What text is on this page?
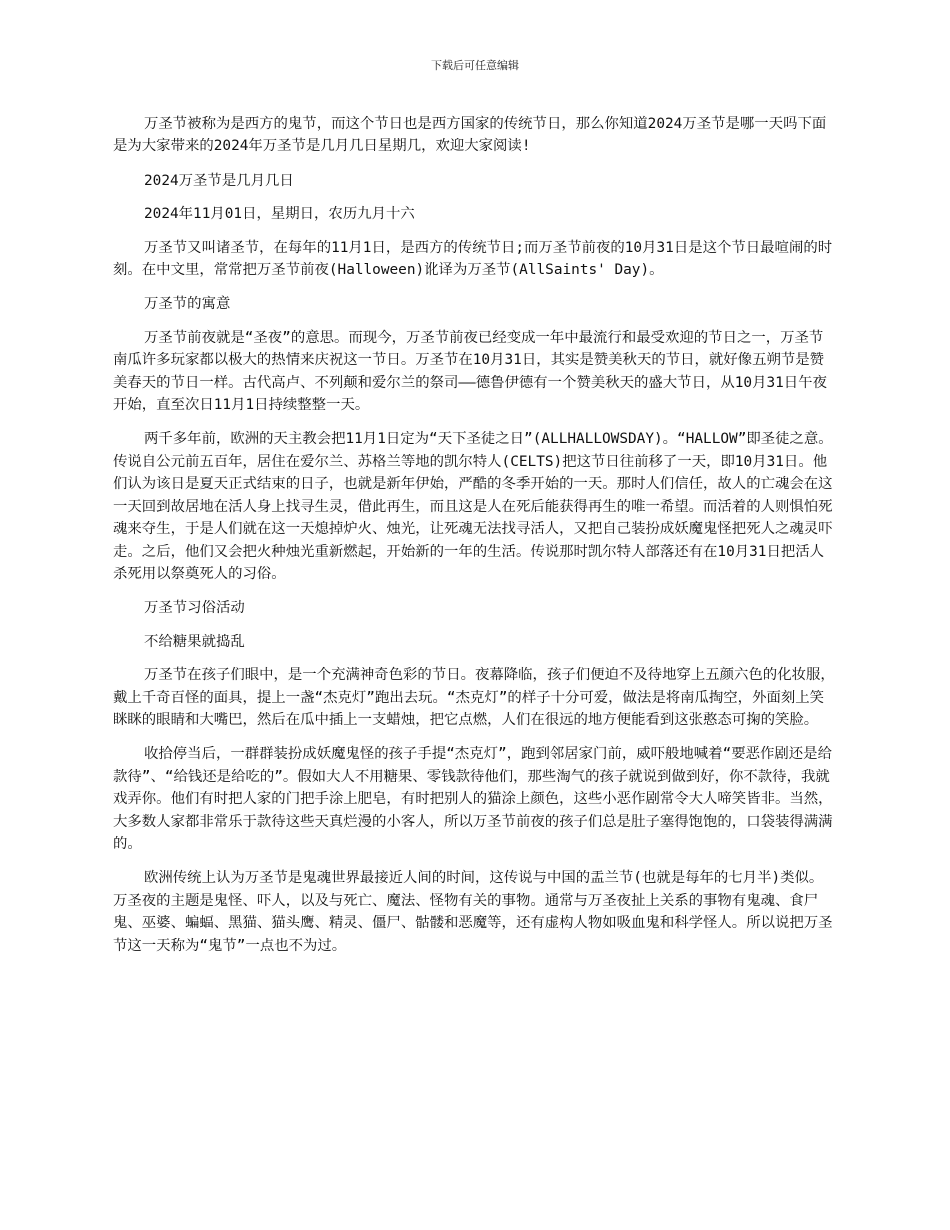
下载后可任意编辑

万圣节被称为是西方的鬼节，而这个节日也是西方国家的传统节日，那么你知道2024万圣节是哪一天吗下面是为大家带来的2024年万圣节是几月几日星期几，欢迎大家阅读!

2024万圣节是几月几日

2024年11月01日，星期日，农历九月十六

万圣节又叫诸圣节，在每年的11月1日，是西方的传统节日;而万圣节前夜的10月31日是这个节日最喧闹的时刻。在中文里，常常把万圣节前夜(Halloween)讹译为万圣节(AllSaints' Day)。

万圣节的寓意

万圣节前夜就是“圣夜”的意思。而现今，万圣节前夜已经变成一年中最流行和最受欢迎的节日之一，万圣节南瓜许多玩家都以极大的热情来庆祝这一节日。万圣节在10月31日，其实是赞美秋天的节日，就好像五朔节是赞美春天的节日一样。古代高卢、不列颠和爱尔兰的祭司——德鲁伊德有一个赞美秋天的盛大节日，从10月31日午夜开始，直至次日11月1日持续整整一天。

两千多年前，欧洲的天主教会把11月1日定为“天下圣徒之日”(ALLHALLOWSDAY)。“HALLOW”即圣徒之意。传说自公元前五百年，居住在爱尔兰、苏格兰等地的凯尔特人(CELTS)把这节日往前移了一天，即10月31日。他们认为该日是夏天正式结束的日子，也就是新年伊始，严酷的冬季开始的一天。那时人们信任，故人的亡魂会在这一天回到故居地在活人身上找寻生灵，借此再生，而且这是人在死后能获得再生的唯一希望。而活着的人则惧怕死魂来夺生，于是人们就在这一天熄掉炉火、烛光，让死魂无法找寻活人，又把自己装扮成妖魔鬼怪把死人之魂灵吓走。之后，他们又会把火种烛光重新燃起，开始新的一年的生活。传说那时凯尔特人部落还有在10月31日把活人杀死用以祭奠死人的习俗。

万圣节习俗活动

不给糖果就捣乱

万圣节在孩子们眼中，是一个充满神奇色彩的节日。夜幕降临，孩子们便迫不及待地穿上五颜六色的化妆服，戴上千奇百怪的面具，提上一盏“杰克灯”跑出去玩。“杰克灯”的样子十分可爱，做法是将南瓜掏空，外面刻上笑眯眯的眼睛和大嘴巴，然后在瓜中插上一支蜡烛，把它点燃，人们在很远的地方便能看到这张憨态可掬的笑脸。

收拾停当后，一群群装扮成妖魔鬼怪的孩子手提“杰克灯”，跑到邻居家门前，威吓般地喊着“要恶作剧还是给款待”、“给钱还是给吃的”。假如大人不用糖果、零钱款待他们，那些淘气的孩子就说到做到好，你不款待，我就戏弄你。他们有时把人家的门把手涂上肥皂，有时把别人的猫涂上颜色，这些小恶作剧常令大人啼笑皆非。当然，大多数人家都非常乐于款待这些天真烂漫的小客人，所以万圣节前夜的孩子们总是肚子塞得饱饱的，口袋装得满满的。

欧洲传统上认为万圣节是鬼魂世界最接近人间的时间，这传说与中国的盂兰节(也就是每年的七月半)类似。万圣夜的主题是鬼怪、吓人，以及与死亡、魔法、怪物有关的事物。通常与万圣夜扯上关系的事物有鬼魂、食尸鬼、巫婆、蝙蝠、黑猫、猫头鹰、精灵、僵尸、骷髅和恶魔等，还有虚构人物如吸血鬼和科学怪人。所以说把万圣节这一天称为“鬼节”一点也不为过。
